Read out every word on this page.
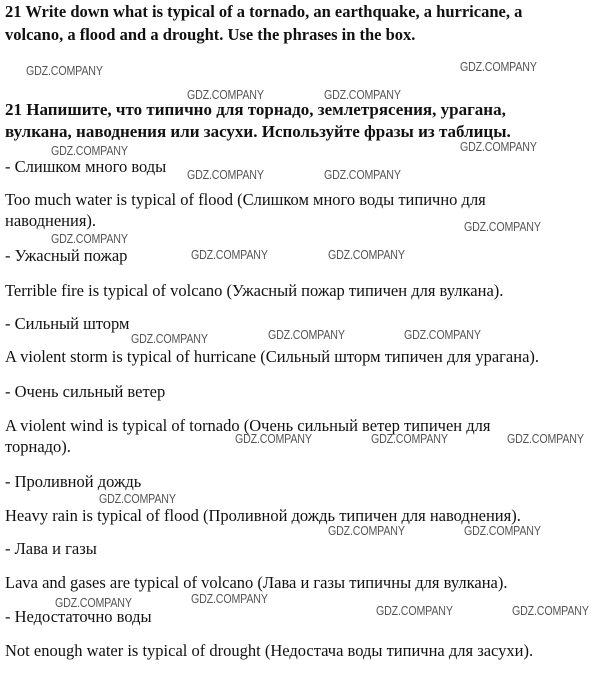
21 Write down what is typical of a tornado, an earthquake, a hurricane, a
volcano, a flood and a drought. Use the phrases in the box.
21 Напишите, что типично для торнадо, землетрясения, урагана,
вулкана, наводнения или засухи. Используйте фразы из таблицы.
- Слишком много воды
Too much water is typical of flood (Слишком много воды типично для
наводнения).
- Ужасный пожар
Terrible fire is typical of volcano (Ужасный пожар типичен для вулкана).
- Сильный шторм
A violent storm is typical of hurricane (Сильный шторм типичен для урагана).
- Очень сильный ветер
A violent wind is typical of tornado (Очень сильный ветер типичен для
торнадо).
- Проливной дождь
Heavy rain is typical of flood (Проливной дождь типичен для наводнения).
- Лава и газы
Lava and gases are typical of volcano (Лава и газы типичны для вулкана).
- Недостаточно воды
Not enough water is typical of drought (Недостача воды типична для засухи).
GDZ.COMPANY	GDZ.COMPANY
GDZ.COMPANY	GDZ.COMPANY
GDZ.COMPANY	GDZ.COMPANY
GDZ.COMPANY	GDZ.COMPANY
GDZ.COMPANY
GDZ.COMPANY
GDZ.COMPANY	GDZ.COMPANY
GDZ.COMPANY	GDZ.COMPANY
GDZ.COMPANY
GDZ.COMPANY	GDZ.COMPANY	GDZ.COMPANY
GDZ.COMPANY
GDZ.COMPANY	GDZ.COMPANY
GDZ.COMPANY
GDZ.COMPANY
GDZ.COMPANY	GDZ.COMPANY
